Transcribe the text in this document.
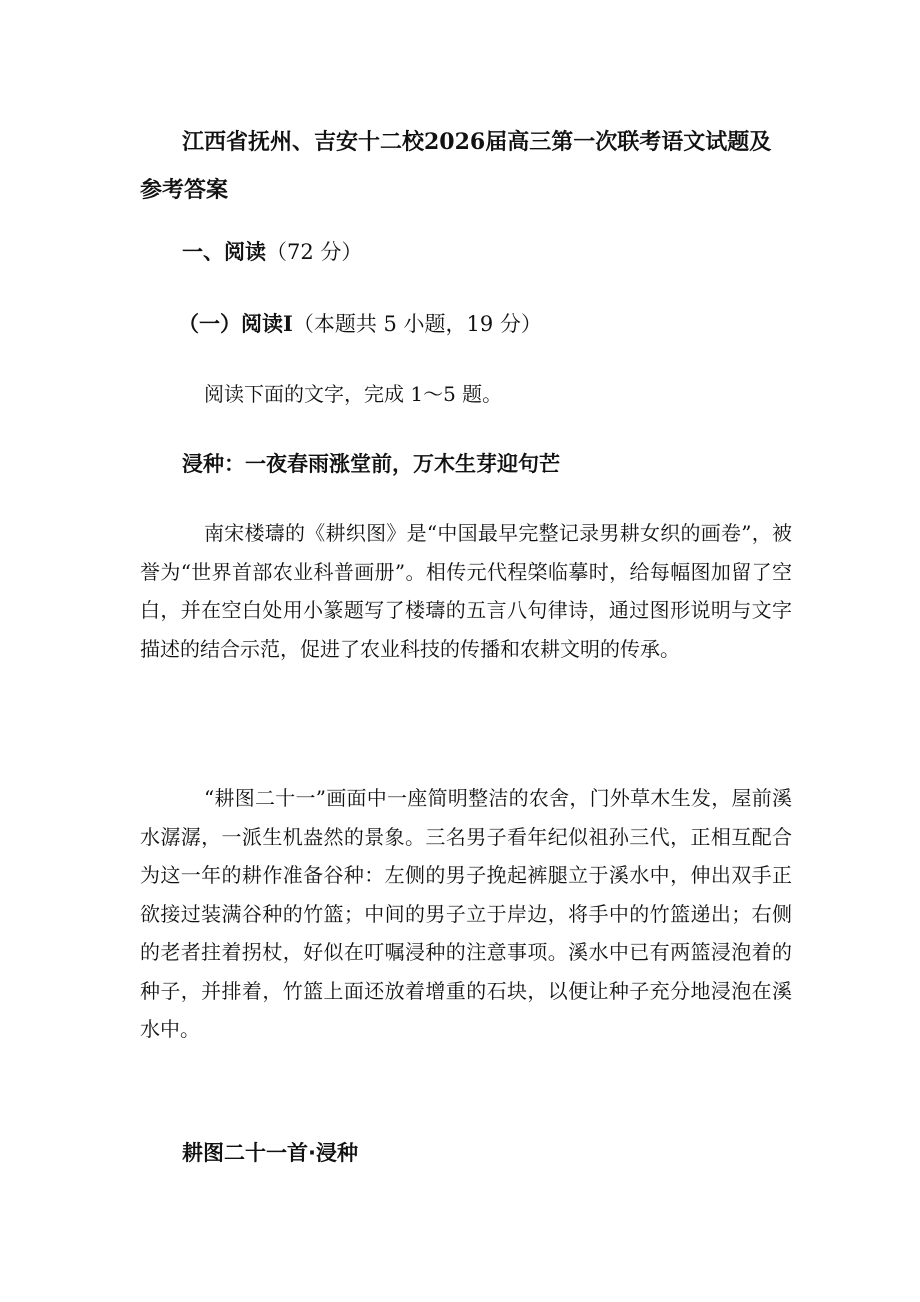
江西省抚州、吉安十二校2026届高三第一次联考语文试题及参考答案

一、阅读（72 分）

（一）阅读Ⅰ（本题共 5 小题，19 分）

阅读下面的文字，完成 1～5 题。

浸种：一夜春雨涨堂前，万木生芽迎句芒

南宋楼璹的《耕织图》是“中国最早完整记录男耕女织的画卷”，被誉为“世界首部农业科普画册”。相传元代程棨临摹时，给每幅图加留了空白，并在空白处用小篆题写了楼璹的五言八句律诗，通过图形说明与文字描述的结合示范，促进了农业科技的传播和农耕文明的传承。

“耕图二十一”画面中一座简明整洁的农舍，门外草木生发，屋前溪水潺潺，一派生机盎然的景象。三名男子看年纪似祖孙三代，正相互配合为这一年的耕作准备谷种：左侧的男子挽起裤腿立于溪水中，伸出双手正欲接过装满谷种的竹篮；中间的男子立于岸边，将手中的竹篮递出；右侧的老者拄着拐杖，好似在叮嘱浸种的注意事项。溪水中已有两篮浸泡着的种子，并排着，竹篮上面还放着增重的石块，以便让种子充分地浸泡在溪水中。

耕图二十一首·浸种
